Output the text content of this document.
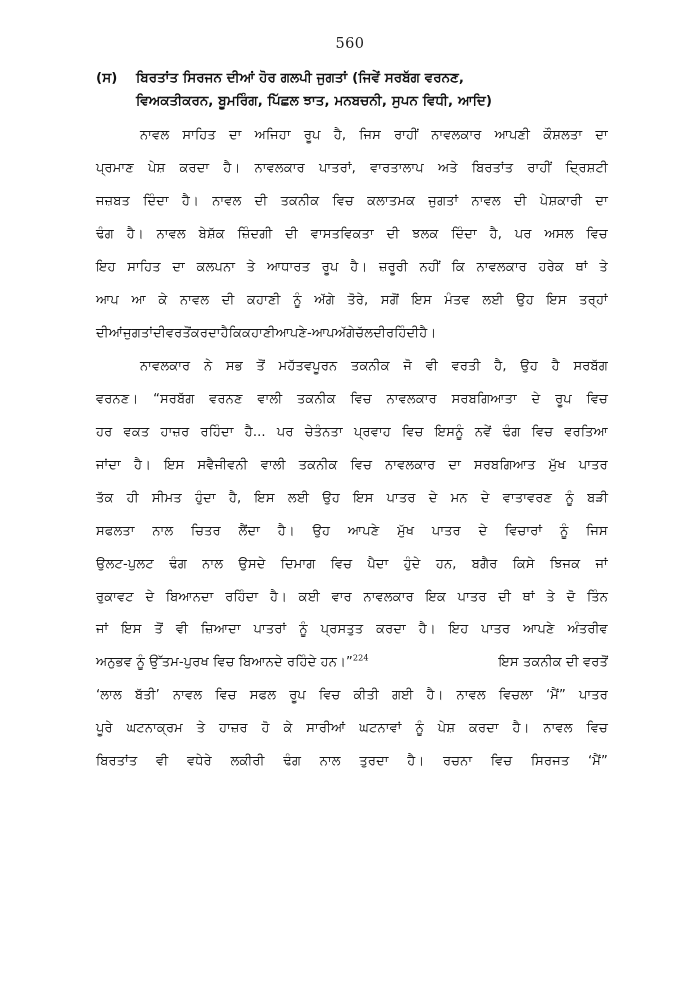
560
(ਸ)	ਬਿਰਤਾਂਤ ਸਿਰਜਨ ਦੀਆਂ ਹੋਰ ਗਲਪੀ ਜੁਗਤਾਂ (ਜਿਵੇਂ ਸਰਬੱਗ ਵਰਨਣ,
ਵਿਅਕਤੀਕਰਨ, ਬੂਮਰਿੰਗ, ਪਿੱਛਲ ਝਾਤ, ਮਨਬਚਨੀ, ਸੁਪਨ ਵਿਧੀ, ਆਦਿ)
ਨਾਵਲ ਸਾਹਿਤ ਦਾ ਅਜਿਹਾ ਰੂਪ ਹੈ, ਜਿਸ ਰਾਹੀਂ ਨਾਵਲਕਾਰ ਆਪਣੀ ਕੌਸ਼ਲਤਾ ਦਾ
ਪ੍ਰਮਾਣ ਪੇਸ਼ ਕਰਦਾ ਹੈ। ਨਾਵਲਕਾਰ ਪਾਤਰਾਂ, ਵਾਰਤਾਲਾਪ ਅਤੇ ਬਿਰਤਾਂਤ ਰਾਹੀਂ ਦ੍ਰਿਸ਼ਟੀ
ਜਜ਼ਬਤ ਦਿੰਦਾ ਹੈ। ਨਾਵਲ ਦੀ ਤਕਨੀਕ ਵਿਚ ਕਲਾਤਮਕ ਜੁਗਤਾਂ ਨਾਵਲ ਦੀ ਪੇਸ਼ਕਾਰੀ ਦਾ
ਢੰਗ ਹੈ। ਨਾਵਲ ਬੇਸ਼ੱਕ ਜ਼ਿੰਦਗੀ ਦੀ ਵਾਸਤਵਿਕਤਾ ਦੀ ਝਲਕ ਦਿੰਦਾ ਹੈ, ਪਰ ਅਸਲ ਵਿਚ
ਇਹ ਸਾਹਿਤ ਦਾ ਕਲਪਨਾ ਤੇ ਆਧਾਰਤ ਰੂਪ ਹੈ। ਜ਼ਰੂਰੀ ਨਹੀਂ ਕਿ ਨਾਵਲਕਾਰ ਹਰੇਕ ਥਾਂ ਤੇ
ਆਪ ਆ ਕੇ ਨਾਵਲ ਦੀ ਕਹਾਣੀ ਨੂੰ ਅੱਗੇ ਤੋਰੇ, ਸਗੋਂ ਇਸ ਮੰਤਵ ਲਈ ਉਹ ਇਸ ਤਰ੍ਹਾਂ
ਦੀਆਂ ਜੁਗਤਾਂ ਦੀ ਵਰਤੋਂ ਕਰਦਾ ਹੈ ਕਿ ਕਹਾਣੀ ਆਪਣੇ-ਆਪ ਅੱਗੇ ਚੱਲਦੀ ਰਹਿੰਦੀ ਹੈ।
ਨਾਵਲਕਾਰ ਨੇ ਸਭ ਤੋਂ ਮਹੱਤਵਪੂਰਨ ਤਕਨੀਕ ਜੋ ਵੀ ਵਰਤੀ ਹੈ, ਉਹ ਹੈ ਸਰਬੱਗ
ਵਰਨਣ। “ਸਰਬੱਗ ਵਰਨਣ ਵਾਲੀ ਤਕਨੀਕ ਵਿਚ ਨਾਵਲਕਾਰ ਸਰਬਗਿਆਤਾ ਦੇ ਰੂਪ ਵਿਚ
ਹਰ ਵਕਤ ਹਾਜ਼ਰ ਰਹਿੰਦਾ ਹੈ... ਪਰ ਚੇਤੰਨਤਾ ਪ੍ਰਵਾਹ ਵਿਚ ਇਸਨੂੰ ਨਵੇਂ ਢੰਗ ਵਿਚ ਵਰਤਿਆ
ਜਾਂਦਾ ਹੈ। ਇਸ ਸਵੈਜੀਵਨੀ ਵਾਲੀ ਤਕਨੀਕ ਵਿਚ ਨਾਵਲਕਾਰ ਦਾ ਸਰਬਗਿਆਤ ਮੁੱਖ ਪਾਤਰ
ਤੱਕ ਹੀ ਸੀਮਤ ਹੁੰਦਾ ਹੈ, ਇਸ ਲਈ ਉਹ ਇਸ ਪਾਤਰ ਦੇ ਮਨ ਦੇ ਵਾਤਾਵਰਣ ਨੂੰ ਬੜੀ
ਸਫਲਤਾ ਨਾਲ ਚਿਤਰ ਲੈਂਦਾ ਹੈ। ਉਹ ਆਪਣੇ ਮੁੱਖ ਪਾਤਰ ਦੇ ਵਿਚਾਰਾਂ ਨੂੰ ਜਿਸ
ਉਲਟ-ਪੁਲਟ ਢੰਗ ਨਾਲ ਉਸਦੇ ਦਿਮਾਗ ਵਿਚ ਪੈਦਾ ਹੁੰਦੇ ਹਨ, ਬਗੈਰ ਕਿਸੇ ਝਿਜਕ ਜਾਂ
ਰੁਕਾਵਟ ਦੇ ਬਿਆਨਦਾ ਰਹਿੰਦਾ ਹੈ। ਕਈ ਵਾਰ ਨਾਵਲਕਾਰ ਇਕ ਪਾਤਰ ਦੀ ਥਾਂ ਤੇ ਦੋ ਤਿੰਨ
ਜਾਂ ਇਸ ਤੋਂ ਵੀ ਜ਼ਿਆਦਾ ਪਾਤਰਾਂ ਨੂੰ ਪ੍ਰਸਤੁਤ ਕਰਦਾ ਹੈ। ਇਹ ਪਾਤਰ ਆਪਣੇ ਅੰਤਰੀਵ
ਅਨੁਭਵ ਨੂੰ ਉੱਤਮ-ਪੁਰਖ ਵਿਚ ਬਿਆਨਦੇ ਰਹਿੰਦੇ ਹਨ।”$^{224}$	ਇਸ ਤਕਨੀਕ ਦੀ ਵਰਤੋਂ
‘ਲਾਲ ਬੱਤੀ’ ਨਾਵਲ ਵਿਚ ਸਫਲ ਰੂਪ ਵਿਚ ਕੀਤੀ ਗਈ ਹੈ। ਨਾਵਲ ਵਿਚਲਾ ‘ਮੈਂ” ਪਾਤਰ
ਪੂਰੇ ਘਟਨਾਕ੍ਰਮ ਤੇ ਹਾਜ਼ਰ ਹੋ ਕੇ ਸਾਰੀਆਂ ਘਟਨਾਵਾਂ ਨੂੰ ਪੇਸ਼ ਕਰਦਾ ਹੈ। ਨਾਵਲ ਵਿਚ
ਬਿਰਤਾਂਤ ਵੀ ਵਧੇਰੇ ਲਕੀਰੀ ਢੰਗ ਨਾਲ ਤੁਰਦਾ ਹੈ। ਰਚਨਾ ਵਿਚ ਸਿਰਜਤ ‘ਮੈਂ”
